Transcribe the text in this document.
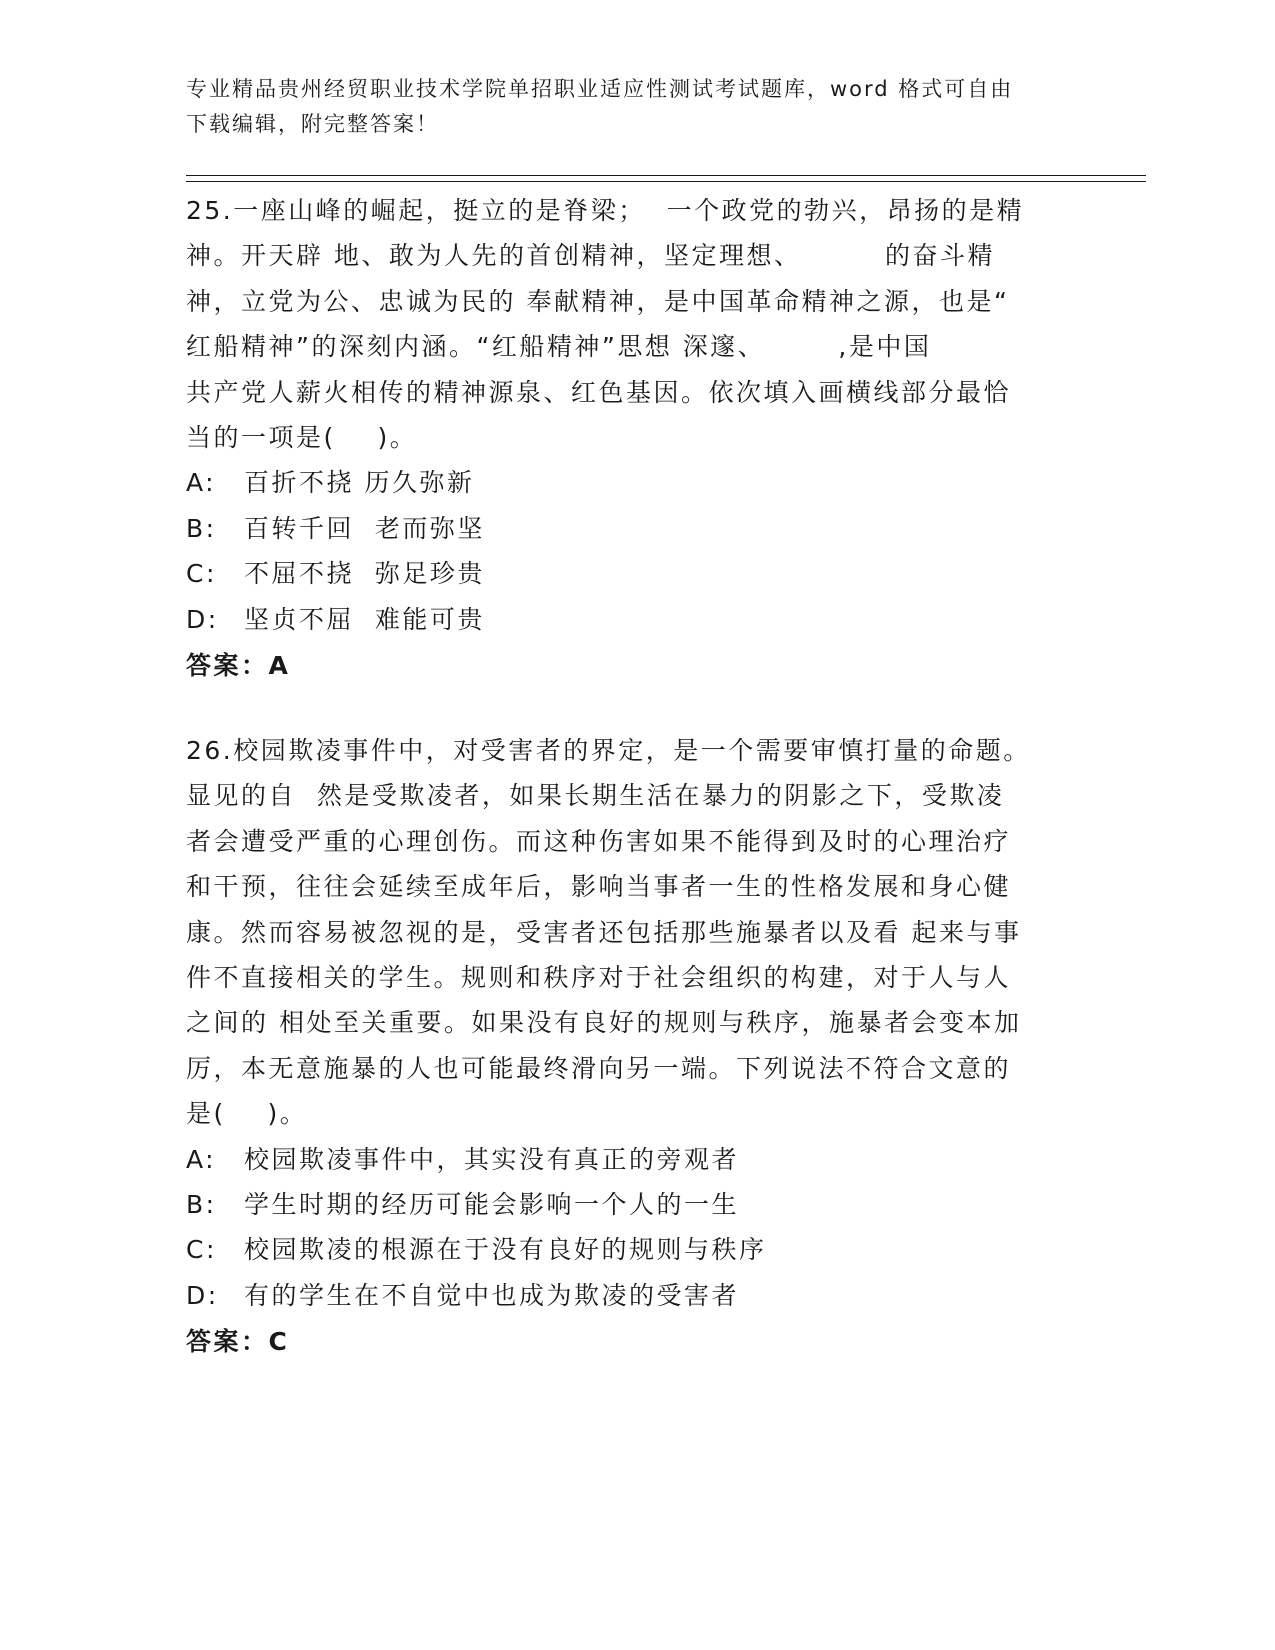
专业精品贵州经贸职业技术学院单招职业适应性测试考试题库，word 格式可自由
下载编辑，附完整答案！
25.一座山峰的崛起，挺立的是脊梁；  一个政党的勃兴，昂扬的是精
神。开天辟 地、敢为人先的首创精神，坚定理想、        的奋斗精
神，立党为公、忠诚为民的 奉献精神，是中国革命精神之源，也是“
红船精神”的深刻内涵。“红船精神”思想 深邃、       ,是中国
共产党人薪火相传的精神源泉、红色基因。依次填入画横线部分最恰
当的一项是(    )。
A: 百折不挠 历久弥新
B: 百转千回  老而弥坚
C: 不屈不挠  弥足珍贵
D: 坚贞不屈  难能可贵
答案：A
26.校园欺凌事件中，对受害者的界定，是一个需要审慎打量的命题。
显见的自  然是受欺凌者，如果长期生活在暴力的阴影之下，受欺凌
者会遭受严重的心理创伤。而这种伤害如果不能得到及时的心理治疗
和干预，往往会延续至成年后，影响当事者一生的性格发展和身心健
康。然而容易被忽视的是，受害者还包括那些施暴者以及看 起来与事
件不直接相关的学生。规则和秩序对于社会组织的构建，对于人与人
之间的 相处至关重要。如果没有良好的规则与秩序，施暴者会变本加
厉，本无意施暴的人也可能最终滑向另一端。下列说法不符合文意的
是(    )。
A: 校园欺凌事件中，其实没有真正的旁观者
B: 学生时期的经历可能会影响一个人的一生
C: 校园欺凌的根源在于没有良好的规则与秩序
D: 有的学生在不自觉中也成为欺凌的受害者
答案：C
